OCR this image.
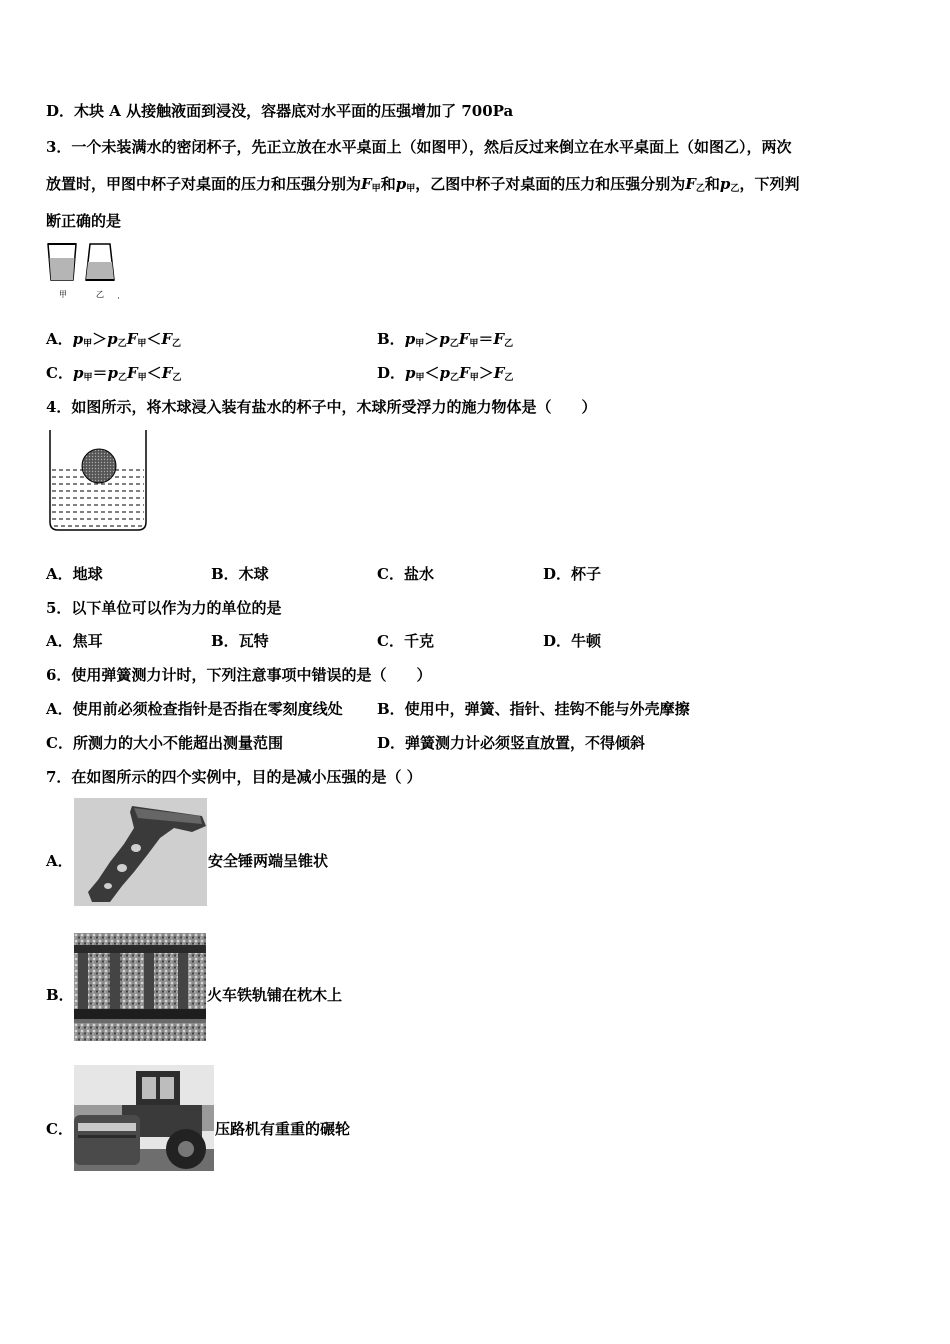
D．木块 A 从接触液面到浸没，容器底对水平面的压强增加了 700Pa
3．一个未装满水的密闭杯子，先正立放在水平桌面上（如图甲），然后反过来倒立在水平桌面上（如图乙），两次
放置时，甲图中杯子对桌面的压力和压强分别为$F_甲$和$p_甲$，乙图中杯子对桌面的压力和压强分别为$F_乙$和$p_乙$，下列判
断正确的是
甲	乙
A．$p_甲>p_乙F_甲<F_乙$	B．$p_甲>p_乙F_甲=F_乙$
C．$p_甲=p_乙F_甲<F_乙$	D．$p_甲<p_乙F_甲>F_乙$
4．如图所示，将木球浸入装有盐水的杯子中，木球所受浮力的施力物体是（　　）
A．地球	B．木球	C．盐水	D．杯子
5．以下单位可以作为力的单位的是
A．焦耳	B．瓦特	C．千克	D．牛顿
6．使用弹簧测力计时，下列注意事项中错误的是（　　）
A．使用前必须检查指针是否指在零刻度线处 B．使用中，弹簧、指针、挂钩不能与外壳摩擦
C．所测力的大小不能超出测量范围	D．弹簧测力计必须竖直放置，不得倾斜
7．在如图所示的四个实例中，目的是减小压强的是（ ）
A．	安全锤两端呈锥状
B．	火车铁轨铺在枕木上
C．	压路机有重重的碾轮
